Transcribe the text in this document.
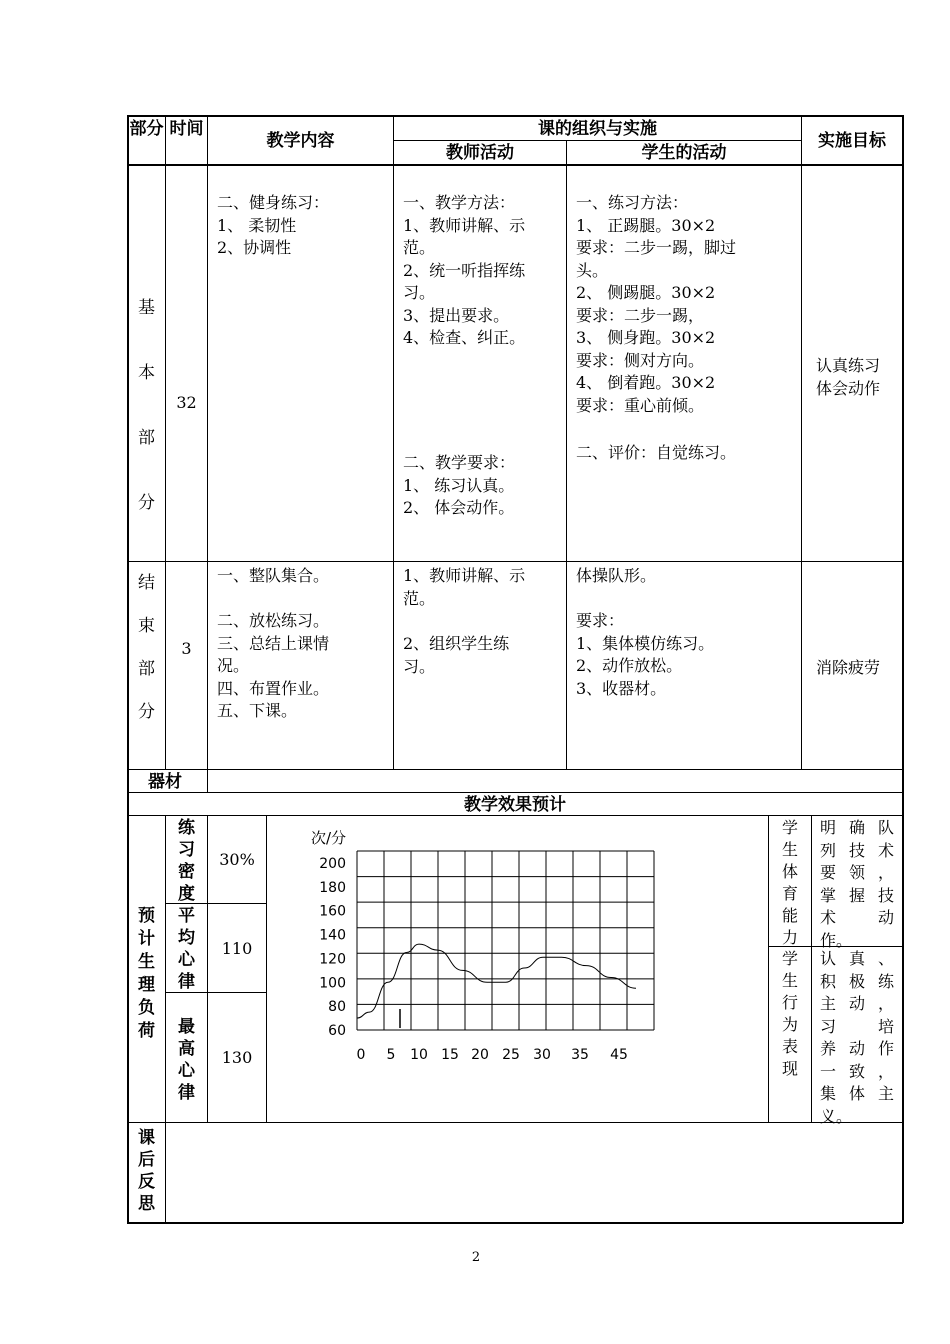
部分 时间
教学内容
课的组织与实施
教师活动	学生的活动
实施目标
基
本
部
分
32
二、健身练习：
1、 柔韧性
2、协调性
一、教学方法：
1、教师讲解、示
范。
2、统一听指挥练
习。
3、提出要求。
4、检查、纠正。
二、教学要求：
1、 练习认真。
2、 体会动作。
一、练习方法：
1、 正踢腿。30×2
要求：二步一踢，脚过
头。
2、 侧踢腿。30×2
要求：二步一踢，
3、 侧身跑。30×2
要求：侧对方向。
4、 倒着跑。30×2
要求：重心前倾。
二、评价：自觉练习。
认真练习
体会动作
结
束
部
分
3
一、整队集合。
二、放松练习。
三、总结上课情
况。
四、布置作业。
五、下课。
1、教师讲解、示
范。
2、组织学生练
习。
体操队形。
要求：
1、集体模仿练习。
2、动作放松。
3、收器材。
消除疲劳
器材
教学效果预计
预
计
生
理
负
荷
练
习
密
度
30%
平
均
心
律
110
最
高
心
律
130
200
180
160
140
120
100
80
60
0 5 10 15 20 25 30 35 45
次/分
学
生
体
育
能
力
明 确 队
列 技 术
要 领 ，
掌 握 技
术 动
作。
学
生
行
为
表
现
认 真 、
积 极 练
主 动 ，
习 培
养 动 作
一 致 ，
集 体 主
义。
课
后
反
思
2
